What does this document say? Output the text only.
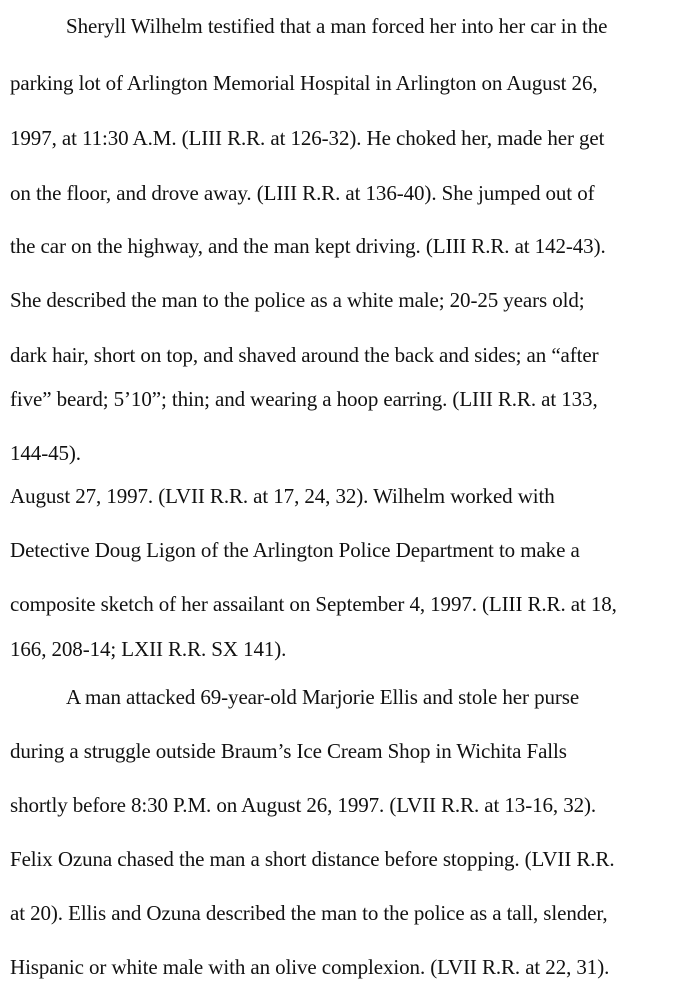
Sheryll Wilhelm testified that a man forced her into her car in the
parking lot of Arlington Memorial Hospital in Arlington on August 26,
1997, at 11:30 A.M. (LIII R.R. at 126-32). He choked her, made her get
on the floor, and drove away. (LIII R.R. at 136-40). She jumped out of
the car on the highway, and the man kept driving. (LIII R.R. at 142-43).
She described the man to the police as a white male; 20-25 years old;
dark hair, short on top, and shaved around the back and sides; an “after
five” beard; 5’10”; thin; and wearing a hoop earring. (LIII R.R. at 133,
144-45).
August 27, 1997. (LVII R.R. at 17, 24, 32). Wilhelm worked with
Detective Doug Ligon of the Arlington Police Department to make a
composite sketch of her assailant on September 4, 1997. (LIII R.R. at 18,
166, 208-14; LXII R.R. SX 141).
A man attacked 69-year-old Marjorie Ellis and stole her purse
during a struggle outside Braum’s Ice Cream Shop in Wichita Falls
shortly before 8:30 P.M. on August 26, 1997. (LVII R.R. at 13-16, 32).
Felix Ozuna chased the man a short distance before stopping. (LVII R.R.
at 20). Ellis and Ozuna described the man to the police as a tall, slender,
Hispanic or white male with an olive complexion. (LVII R.R. at 22, 31).
